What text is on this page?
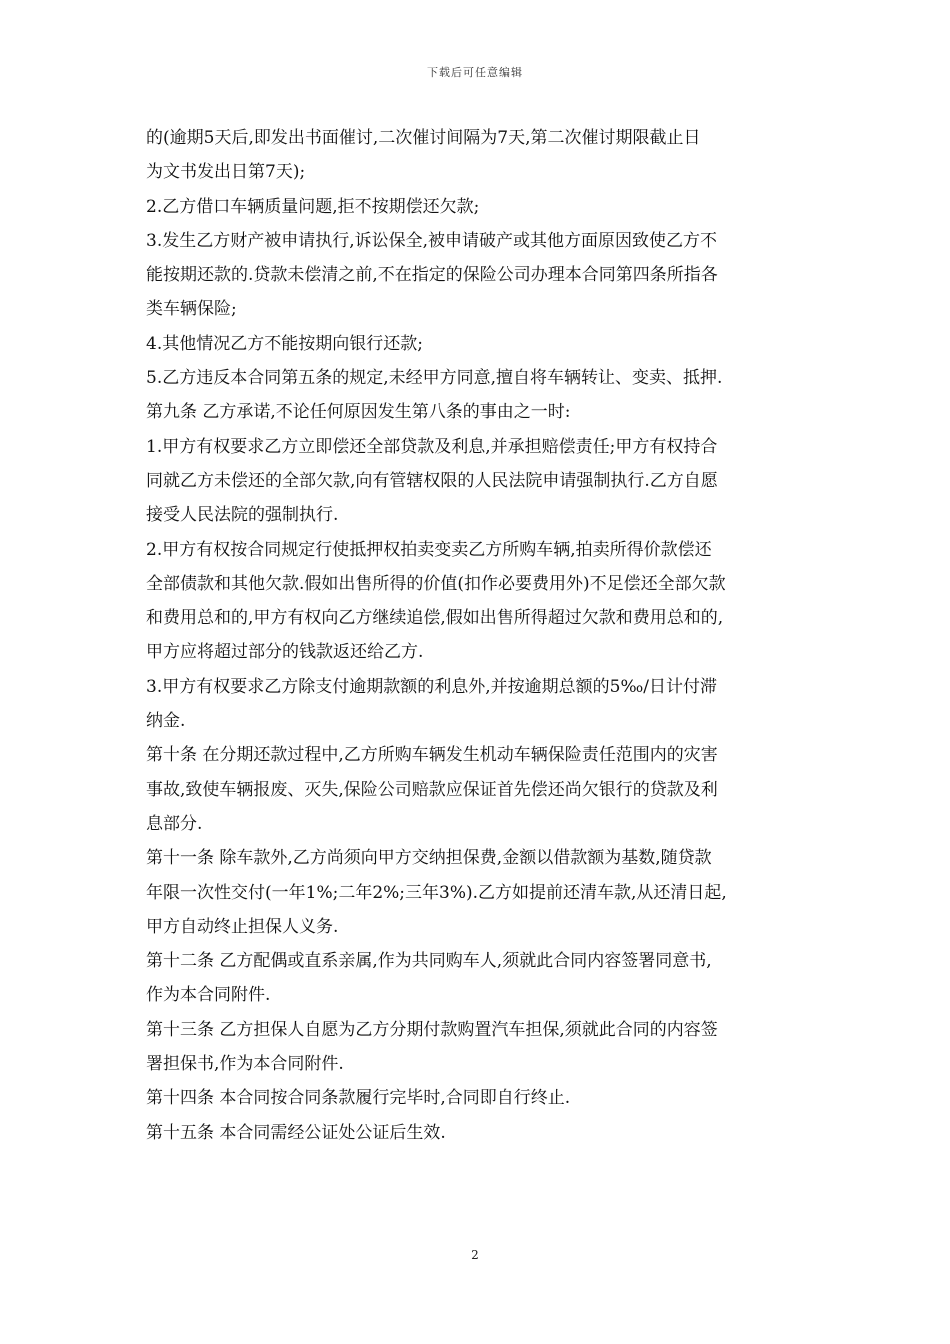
下载后可任意编辑
的(逾期5天后,即发出书面催讨,二次催讨间隔为7天,第二次催讨期限截止日
为文书发出日第7天);
2.乙方借口车辆质量问题,拒不按期偿还欠款;
3.发生乙方财产被申请执行,诉讼保全,被申请破产或其他方面原因致使乙方不
能按期还款的.贷款未偿清之前,不在指定的保险公司办理本合同第四条所指各
类车辆保险;
4.其他情况乙方不能按期向银行还款;
5.乙方违反本合同第五条的规定,未经甲方同意,擅自将车辆转让、变卖、抵押.
第九条 乙方承诺,不论任何原因发生第八条的事由之一时:
1.甲方有权要求乙方立即偿还全部贷款及利息,并承担赔偿责任;甲方有权持合
同就乙方未偿还的全部欠款,向有管辖权限的人民法院申请强制执行.乙方自愿
接受人民法院的强制执行.
2.甲方有权按合同规定行使抵押权拍卖变卖乙方所购车辆,拍卖所得价款偿还
全部债款和其他欠款.假如出售所得的价值(扣作必要费用外)不足偿还全部欠款
和费用总和的,甲方有权向乙方继续追偿,假如出售所得超过欠款和费用总和的,
甲方应将超过部分的钱款返还给乙方.
3.甲方有权要求乙方除支付逾期款额的利息外,并按逾期总额的5‰/日计付滞
纳金.
第十条 在分期还款过程中,乙方所购车辆发生机动车辆保险责任范围内的灾害
事故,致使车辆报废、灭失,保险公司赔款应保证首先偿还尚欠银行的贷款及利
息部分.
第十一条 除车款外,乙方尚须向甲方交纳担保费,金额以借款额为基数,随贷款
年限一次性交付(一年1%;二年2%;三年3%).乙方如提前还清车款,从还清日起,
甲方自动终止担保人义务.
第十二条 乙方配偶或直系亲属,作为共同购车人,须就此合同内容签署同意书,
作为本合同附件.
第十三条 乙方担保人自愿为乙方分期付款购置汽车担保,须就此合同的内容签
署担保书,作为本合同附件.
第十四条 本合同按合同条款履行完毕时,合同即自行终止.
第十五条 本合同需经公证处公证后生效.
2
